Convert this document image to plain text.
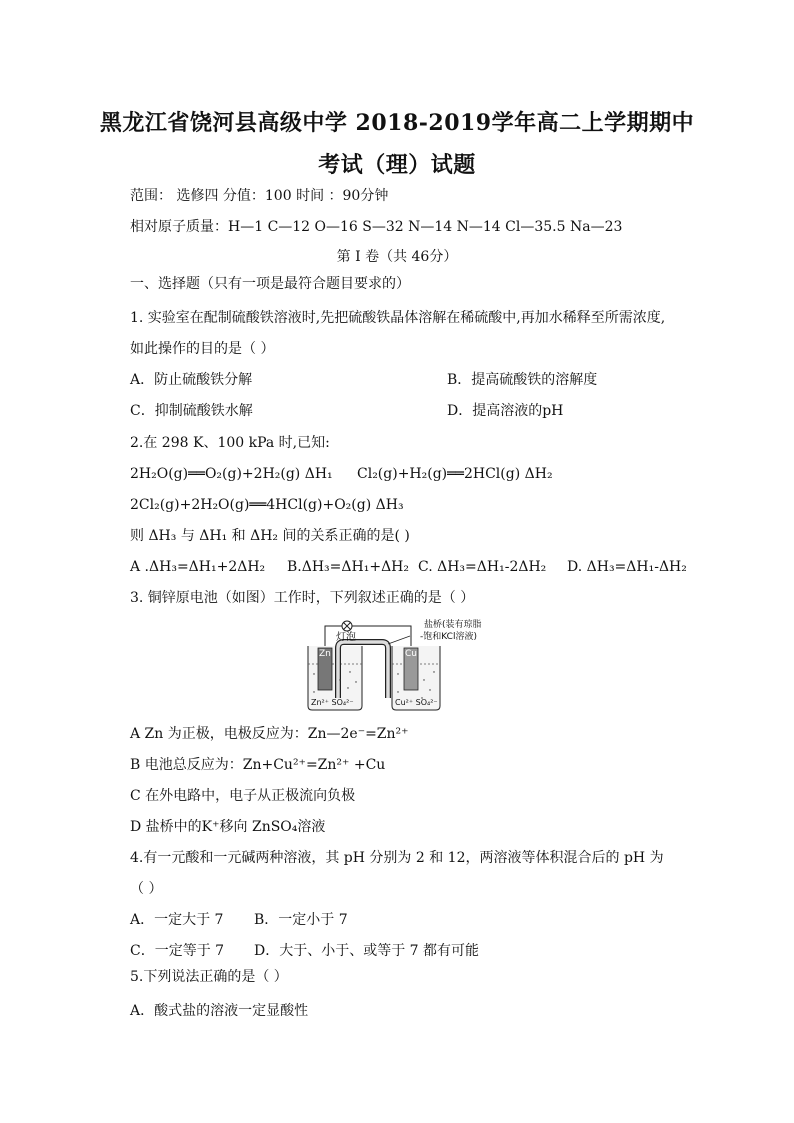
黑龙江省饶河县高级中学 2018-2019学年高二上学期期中
考试（理）试题
范围： 选修四 分值：100 时间 ：90分钟
相对原子质量：H—1 C—12 O—16 S—32 N—14 N—14 Cl—35.5 Na—23
第 I 卷（共 46分）
一、选择题（只有一项是最符合题目要求的）
1. 实验室在配制硫酸铁溶液时,先把硫酸铁晶体溶解在稀硫酸中,再加水稀释至所需浓度,
如此操作的目的是（ ）
A．防止硫酸铁分解	B．提高硫酸铁的溶解度
C．抑制硫酸铁水解	D．提高溶液的pH
2.在 298 K、100 kPa 时,已知:
2H₂O(g)══O₂(g)+2H₂(g) ΔH₁ Cl₂(g)+H₂(g)══2HCl(g) ΔH₂
2Cl₂(g)+2H₂O(g)══4HCl(g)+O₂(g) ΔH₃
则 ΔH₃ 与 ΔH₁ 和 ΔH₂ 间的关系正确的是( )
A .ΔH₃=ΔH₁+2ΔH₂ B.ΔH₃=ΔH₁+ΔH₂ C. ΔH₃=ΔH₁-2ΔH₂ D. ΔH₃=ΔH₁-ΔH₂
3. 铜锌原电池（如图）工作时，下列叙述正确的是（ ）
灯泡
盐桥(装有琼脂
-饱和KCl溶液)
Zn	Cu
Zn²⁺ SO₄²⁻	Cu²⁺ SO₄²⁻
A Zn 为正极，电极反应为：Zn—2e⁻=Zn²⁺
B 电池总反应为：Zn+Cu²⁺=Zn²⁺ +Cu
C 在外电路中，电子从正极流向负极
D 盐桥中的K⁺移向 ZnSO₄溶液
4.有一元酸和一元碱两种溶液，其 pH 分别为 2 和 12，两溶液等体积混合后的 pH 为
（ ）
A．一定大于 7 B．一定小于 7
C．一定等于 7 D．大于、小于、或等于 7 都有可能
5.下列说法正确的是（ ）
A．酸式盐的溶液一定显酸性
